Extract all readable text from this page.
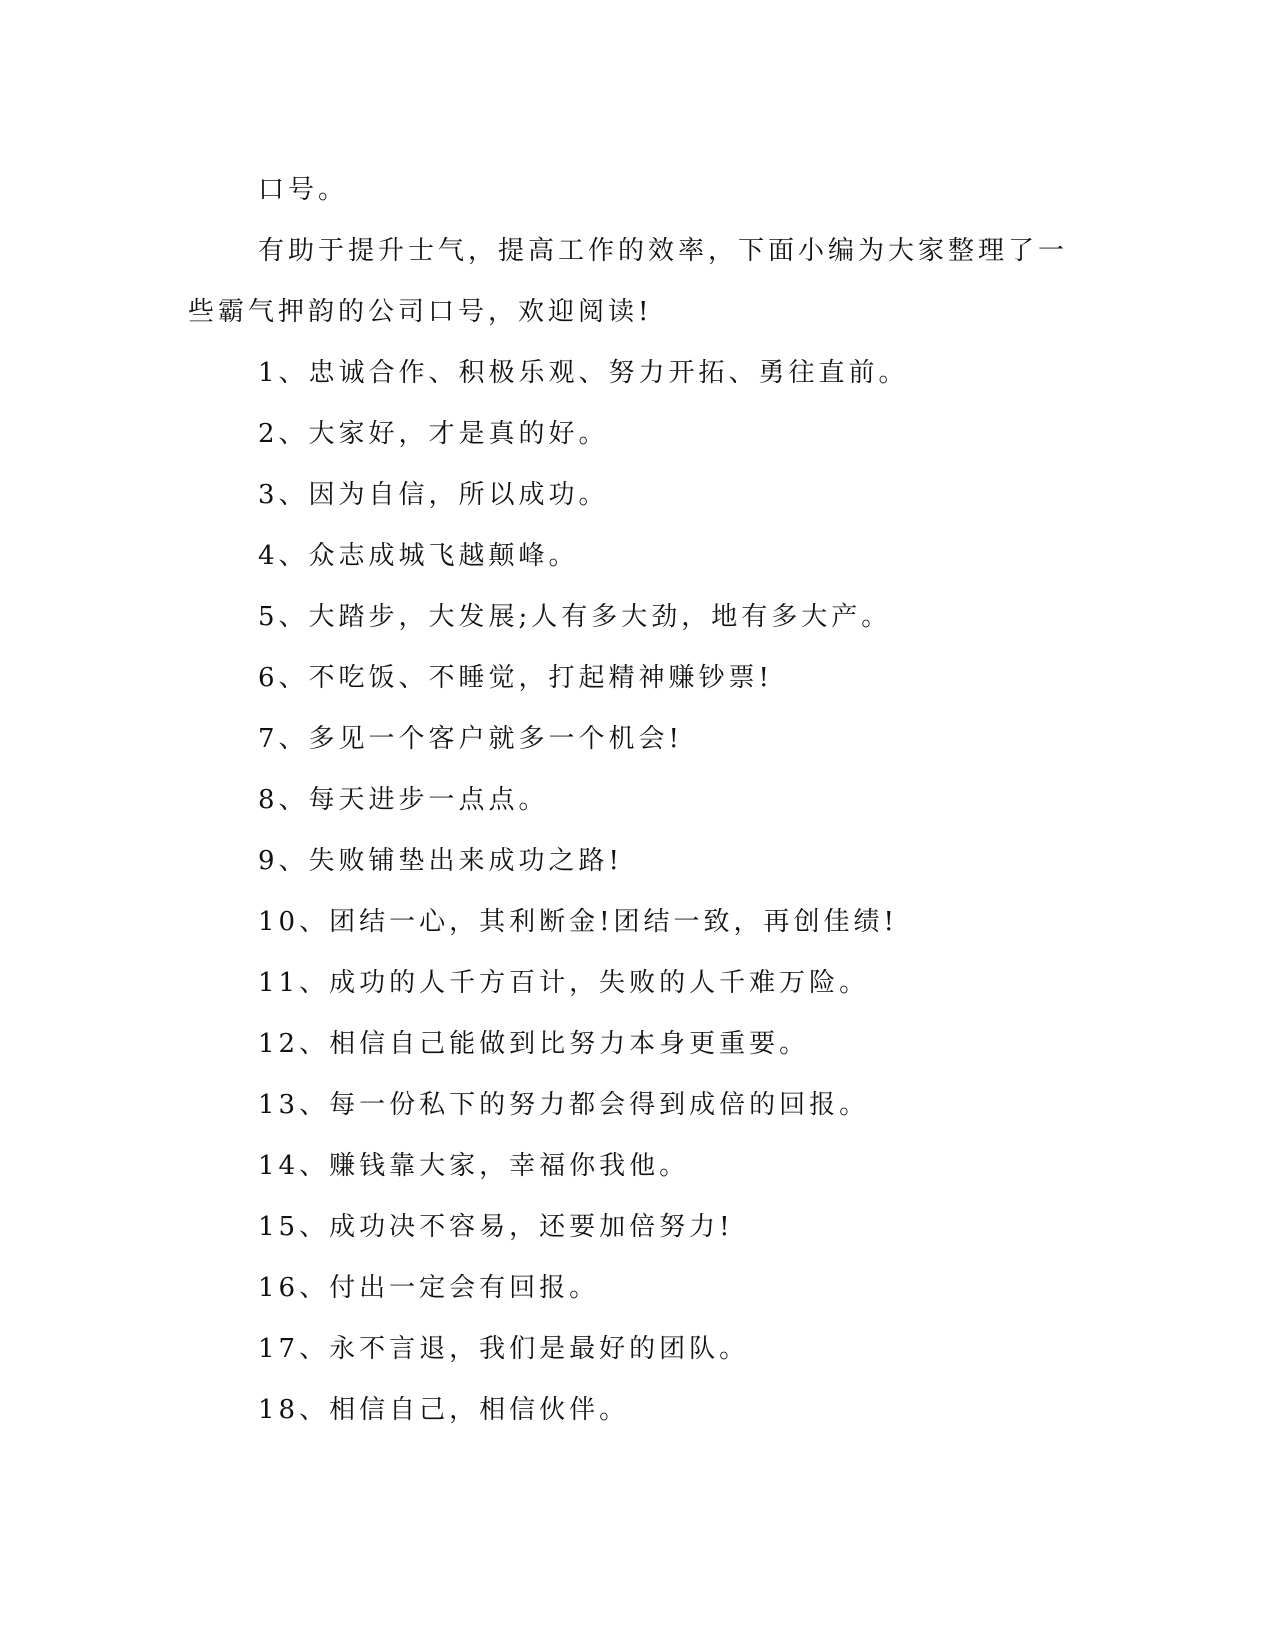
口号。

有助于提升士气，提高工作的效率，下面小编为大家整理了一些霸气押韵的公司口号，欢迎阅读!

1、忠诚合作、积极乐观、努力开拓、勇往直前。
2、大家好，才是真的好。
3、因为自信，所以成功。
4、众志成城飞越颠峰。
5、大踏步，大发展;人有多大劲，地有多大产。
6、不吃饭、不睡觉，打起精神赚钞票!
7、多见一个客户就多一个机会!
8、每天进步一点点。
9、失败铺垫出来成功之路!
10、团结一心，其利断金!团结一致，再创佳绩!
11、成功的人千方百计，失败的人千难万险。
12、相信自己能做到比努力本身更重要。
13、每一份私下的努力都会得到成倍的回报。
14、赚钱靠大家，幸福你我他。
15、成功决不容易，还要加倍努力!
16、付出一定会有回报。
17、永不言退，我们是最好的团队。
18、相信自己，相信伙伴。
